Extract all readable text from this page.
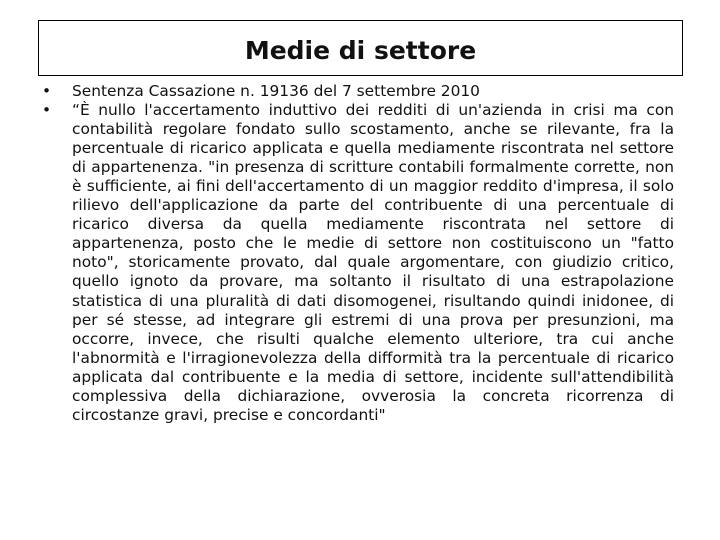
Medie di settore
• Sentenza Cassazione n. 19136 del 7 settembre 2010
• “È nullo l'accertamento induttivo dei redditi di un'azienda in crisi ma con contabilità regolare fondato sullo scostamento, anche se rilevante, fra la percentuale di ricarico applicata e quella mediamente riscontrata nel settore di appartenenza. "in presenza di scritture contabili formalmente corrette, non è sufficiente, ai fini dell'accertamento di un maggior reddito d'impresa, il solo rilievo dell'applicazione da parte del contribuente di una percentuale di ricarico diversa da quella mediamente riscontrata nel settore di appartenenza, posto che le medie di settore non costituiscono un "fatto noto", storicamente provato, dal quale argomentare, con giudizio critico, quello ignoto da provare, ma soltanto il risultato di una estrapolazione statistica di una pluralità di dati disomogenei, risultando quindi inidonee, di per sé stesse, ad integrare gli estremi di una prova per presunzioni, ma occorre, invece, che risulti qualche elemento ulteriore, tra cui anche l'abnormità e l'irragionevolezza della difformità tra la percentuale di ricarico applicata dal contribuente e la media di settore, incidente sull'attendibilità complessiva della dichiarazione, ovverosia la concreta ricorrenza di circostanze gravi, precise e concordanti"
